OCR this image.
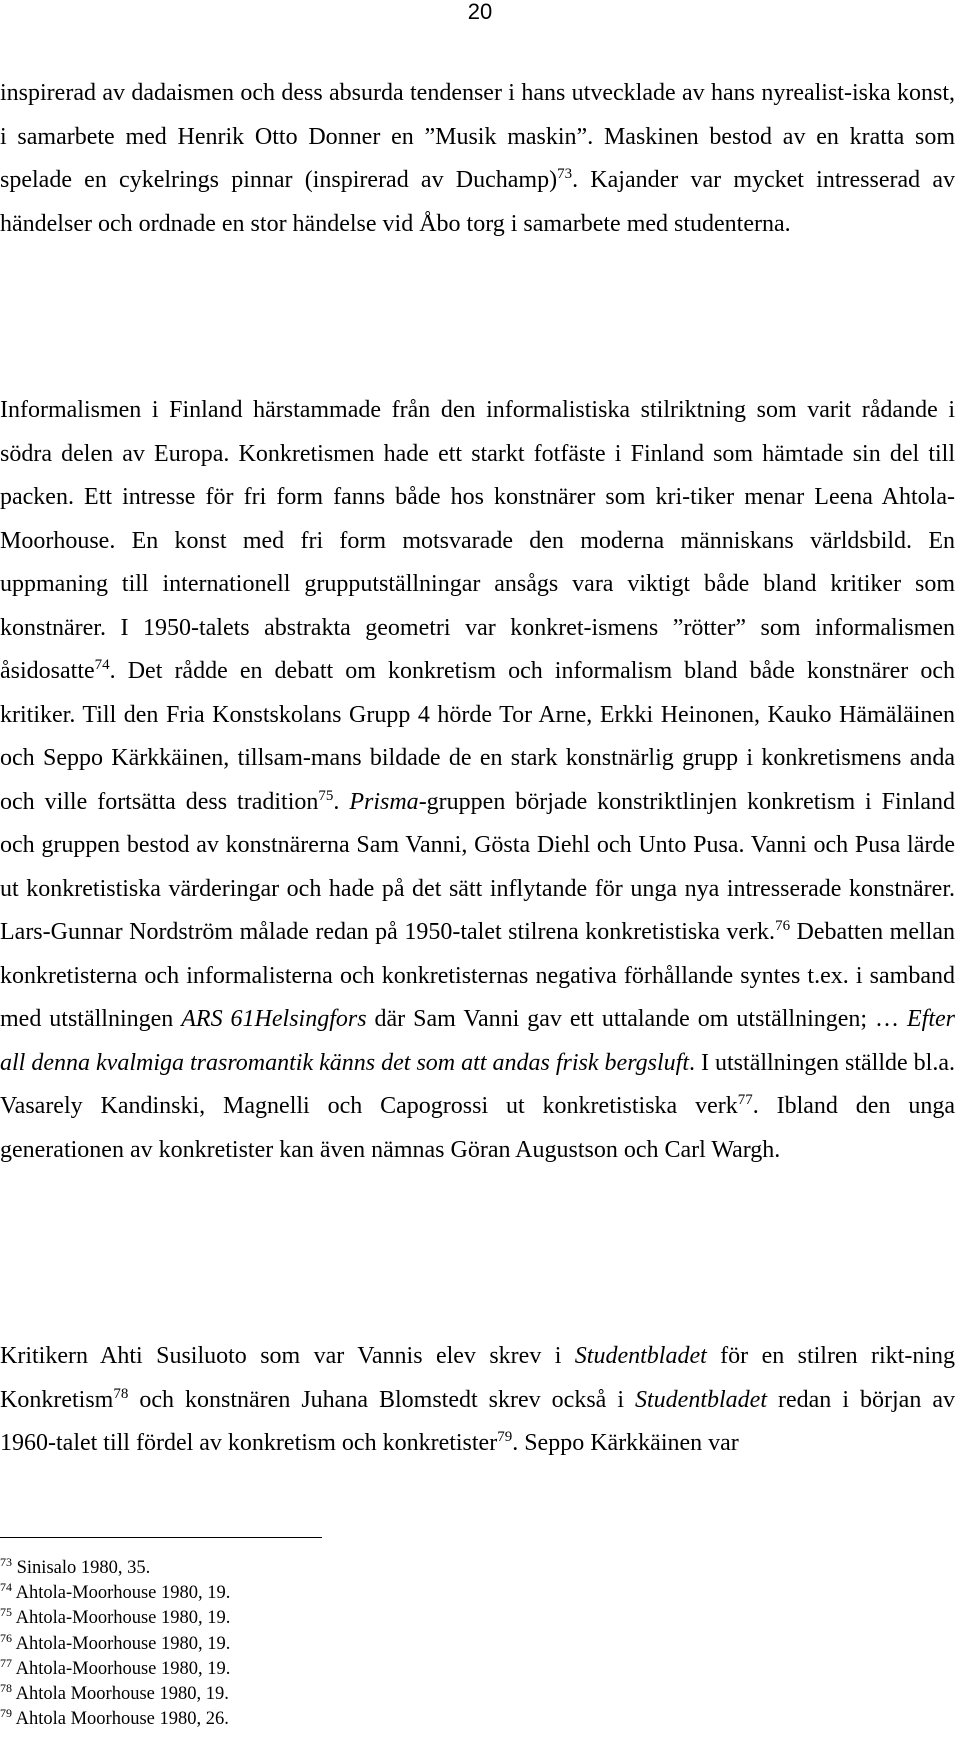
20

inspirerad av dadaismen och dess absurda tendenser i hans utvecklade av hans nyrealist-iska konst, i samarbete med Henrik Otto Donner en ”Musik maskin”. Maskinen bestod av en kratta som spelade en cykelrings pinnar (inspirerad av Duchamp)$^{73}$. Kajander var mycket intresserad av händelser och ordnade en stor händelse vid Åbo torg i samarbete med studenterna.

Informalismen i Finland härstammade från den informalistiska stilriktning som varit rådande i södra delen av Europa. Konkretismen hade ett starkt fotfäste i Finland som hämtade sin del till packen. Ett intresse för fri form fanns både hos konstnärer som kri-tiker menar Leena Ahtola-Moorhouse. En konst med fri form motsvarade den moderna människans världsbild. En uppmaning till internationell grupputställningar ansågs vara viktigt både bland kritiker som konstnärer. I 1950-talets abstrakta geometri var konkret-ismens ”rötter” som informalismen åsidosatte$^{74}$. Det rådde en debatt om konkretism och informalism bland både konstnärer och kritiker. Till den Fria Konstskolans Grupp 4 hörde Tor Arne, Erkki Heinonen, Kauko Hämäläinen och Seppo Kärkkäinen, tillsam-mans bildade de en stark konstnärlig grupp i konkretismens anda och ville fortsätta dess tradition$^{75}$. Prisma-gruppen började konstriktlinjen konkretism i Finland och gruppen bestod av konstnärerna Sam Vanni, Gösta Diehl och Unto Pusa. Vanni och Pusa lärde ut konkretistiska värderingar och hade på det sätt inflytande för unga nya intresserade konstnärer. Lars-Gunnar Nordström målade redan på 1950-talet stilrena konkretistiska verk.$^{76}$ Debatten mellan konkretisterna och informalisterna och konkretisternas negativa förhållande syntes t.ex. i samband med utställningen ARS 61Helsingfors där Sam Vanni gav ett uttalande om utställningen; … Efter all denna kvalmiga trasromantik känns det som att andas frisk bergsluft. I utställningen ställde bl.a. Vasarely Kandinski, Magnelli och Capogrossi ut konkretistiska verk$^{77}$. Ibland den unga generationen av konkretister kan även nämnas Göran Augustson och Carl Wargh.

Kritikern Ahti Susiluoto som var Vannis elev skrev i Studentbladet för en stilren rikt-ning Konkretism$^{78}$ och konstnären Juhana Blomstedt skrev också i Studentbladet redan i början av 1960-talet till fördel av konkretism och konkretister$^{79}$. Seppo Kärkkäinen var

$^{73}$ Sinisalo 1980, 35.
$^{74}$ Ahtola-Moorhouse 1980, 19.
$^{75}$ Ahtola-Moorhouse 1980, 19.
$^{76}$ Ahtola-Moorhouse 1980, 19.
$^{77}$ Ahtola-Moorhouse 1980, 19.
$^{78}$ Ahtola Moorhouse 1980, 19.
$^{79}$ Ahtola Moorhouse 1980, 26.
